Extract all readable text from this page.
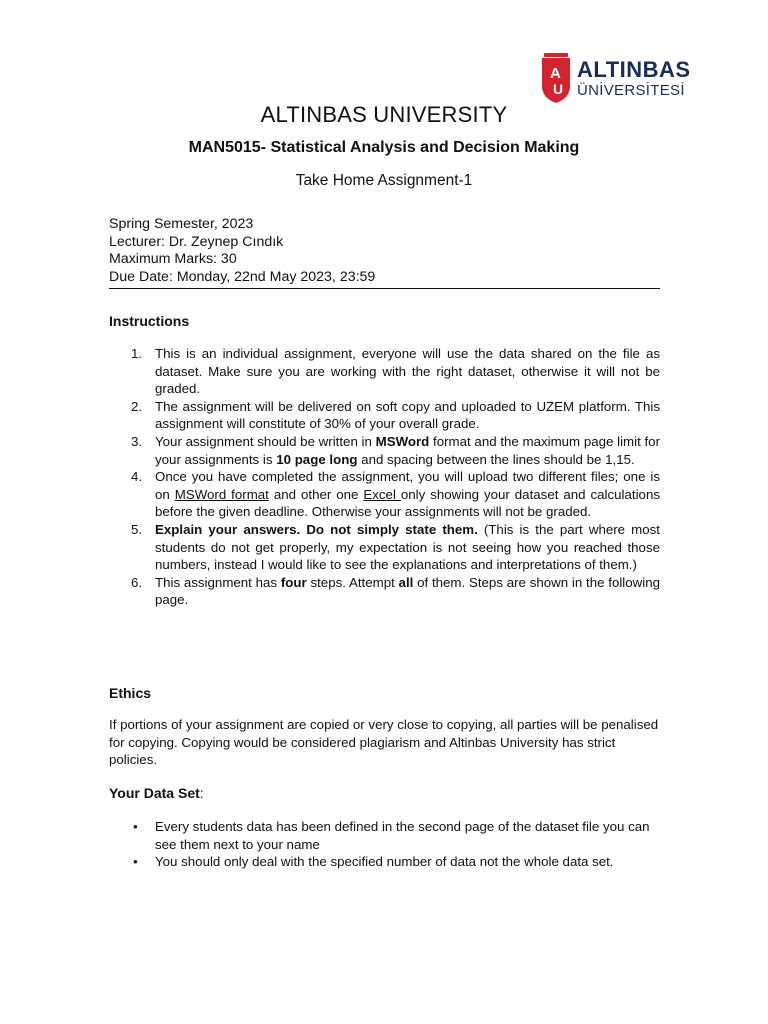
A
U
ALTINBAS
ÜNİVERSİTESİ
ALTINBAS UNIVERSITY
MAN5015- Statistical Analysis and Decision Making
Take Home Assignment-1
Spring Semester, 2023
Lecturer: Dr. Zeynep Cındık
Maximum Marks: 30
Due Date: Monday, 22nd May 2023, 23:59
Instructions
1. This is an individual assignment, everyone will use the data shared on the file as dataset. Make sure you are working with the right dataset, otherwise it will not be graded.
2. The assignment will be delivered on soft copy and uploaded to UZEM platform. This assignment will constitute of 30% of your overall grade.
3. Your assignment should be written in MSWord format and the maximum page limit for your assignments is 10 page long and spacing between the lines should be 1,15.
4. Once you have completed the assignment, you will upload two different files; one is on MSWord format and other one Excel only showing your dataset and calculations before the given deadline. Otherwise your assignments will not be graded.
5. Explain your answers. Do not simply state them. (This is the part where most students do not get properly, my expectation is not seeing how you reached those numbers, instead I would like to see the explanations and interpretations of them.)
6. This assignment has four steps. Attempt all of them. Steps are shown in the following page.
Ethics
If portions of your assignment are copied or very close to copying, all parties will be penalised for copying. Copying would be considered plagiarism and Altinbas University has strict policies.
Your Data Set:
• Every students data has been defined in the second page of the dataset file you can see them next to your name
• You should only deal with the specified number of data not the whole data set.
